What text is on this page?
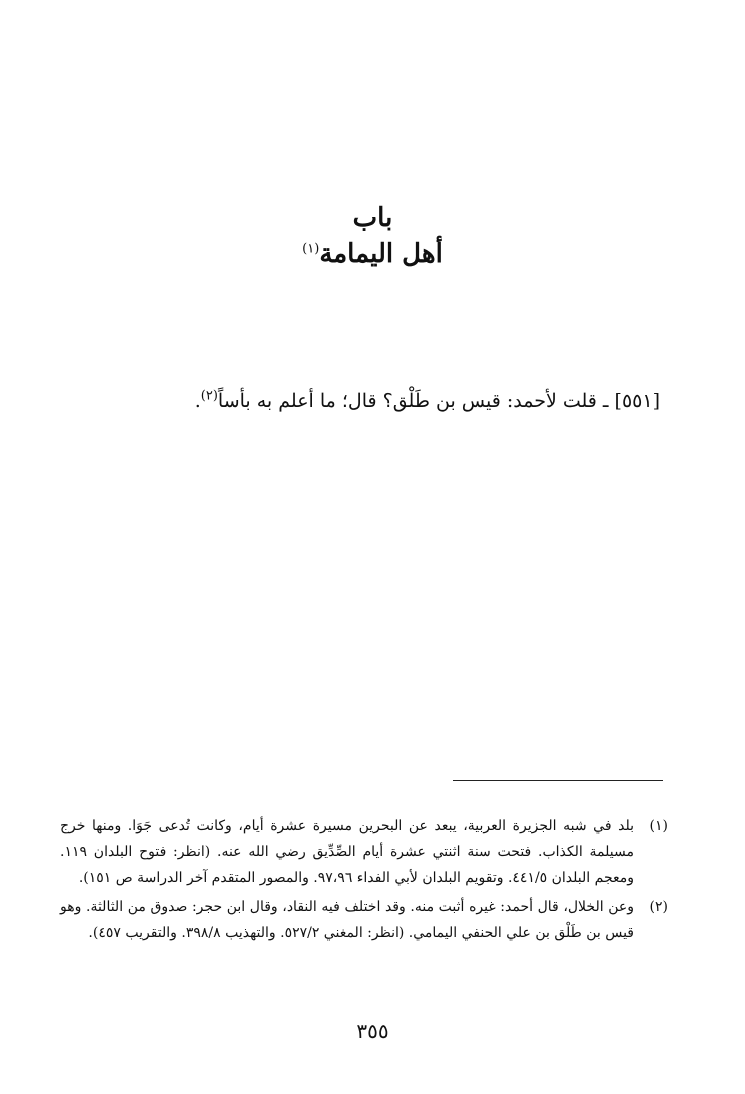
باب
أهل اليمامة$^{(١)}$
[٥٥١] ـ قلت لأحمد: قيس بن طَلْق؟ قال؛ ما أعلم به بأساً$^{(٢)}$.
(١)
بلد في شبه الجزيرة العربية، يبعد عن البحرين مسيرة عشرة أيام، وكانت تُدعى جَوَا. ومنها خرج مسيلمة الكذاب. فتحت سنة اثنتي عشرة أيام الصِّدِّيق رضي الله عنه. (انظر: فتوح البلدان ١١٩. ومعجم البلدان ٤٤١/٥. وتقويم البلدان لأبي الفداء ٩٧،٩٦. والمصور المتقدم آخر الدراسة ص ١٥١).
(٢)
وعن الخلال، قال أحمد: غيره أثبت منه. وقد اختلف فيه النقاد، وقال ابن حجر: صدوق من الثالثة. وهو قيس بن طَلْق بن علي الحنفي اليمامي. (انظر: المغني ٥٢٧/٢. والتهذيب ٣٩٨/٨. والتقريب ٤٥٧).
٣٥٥
